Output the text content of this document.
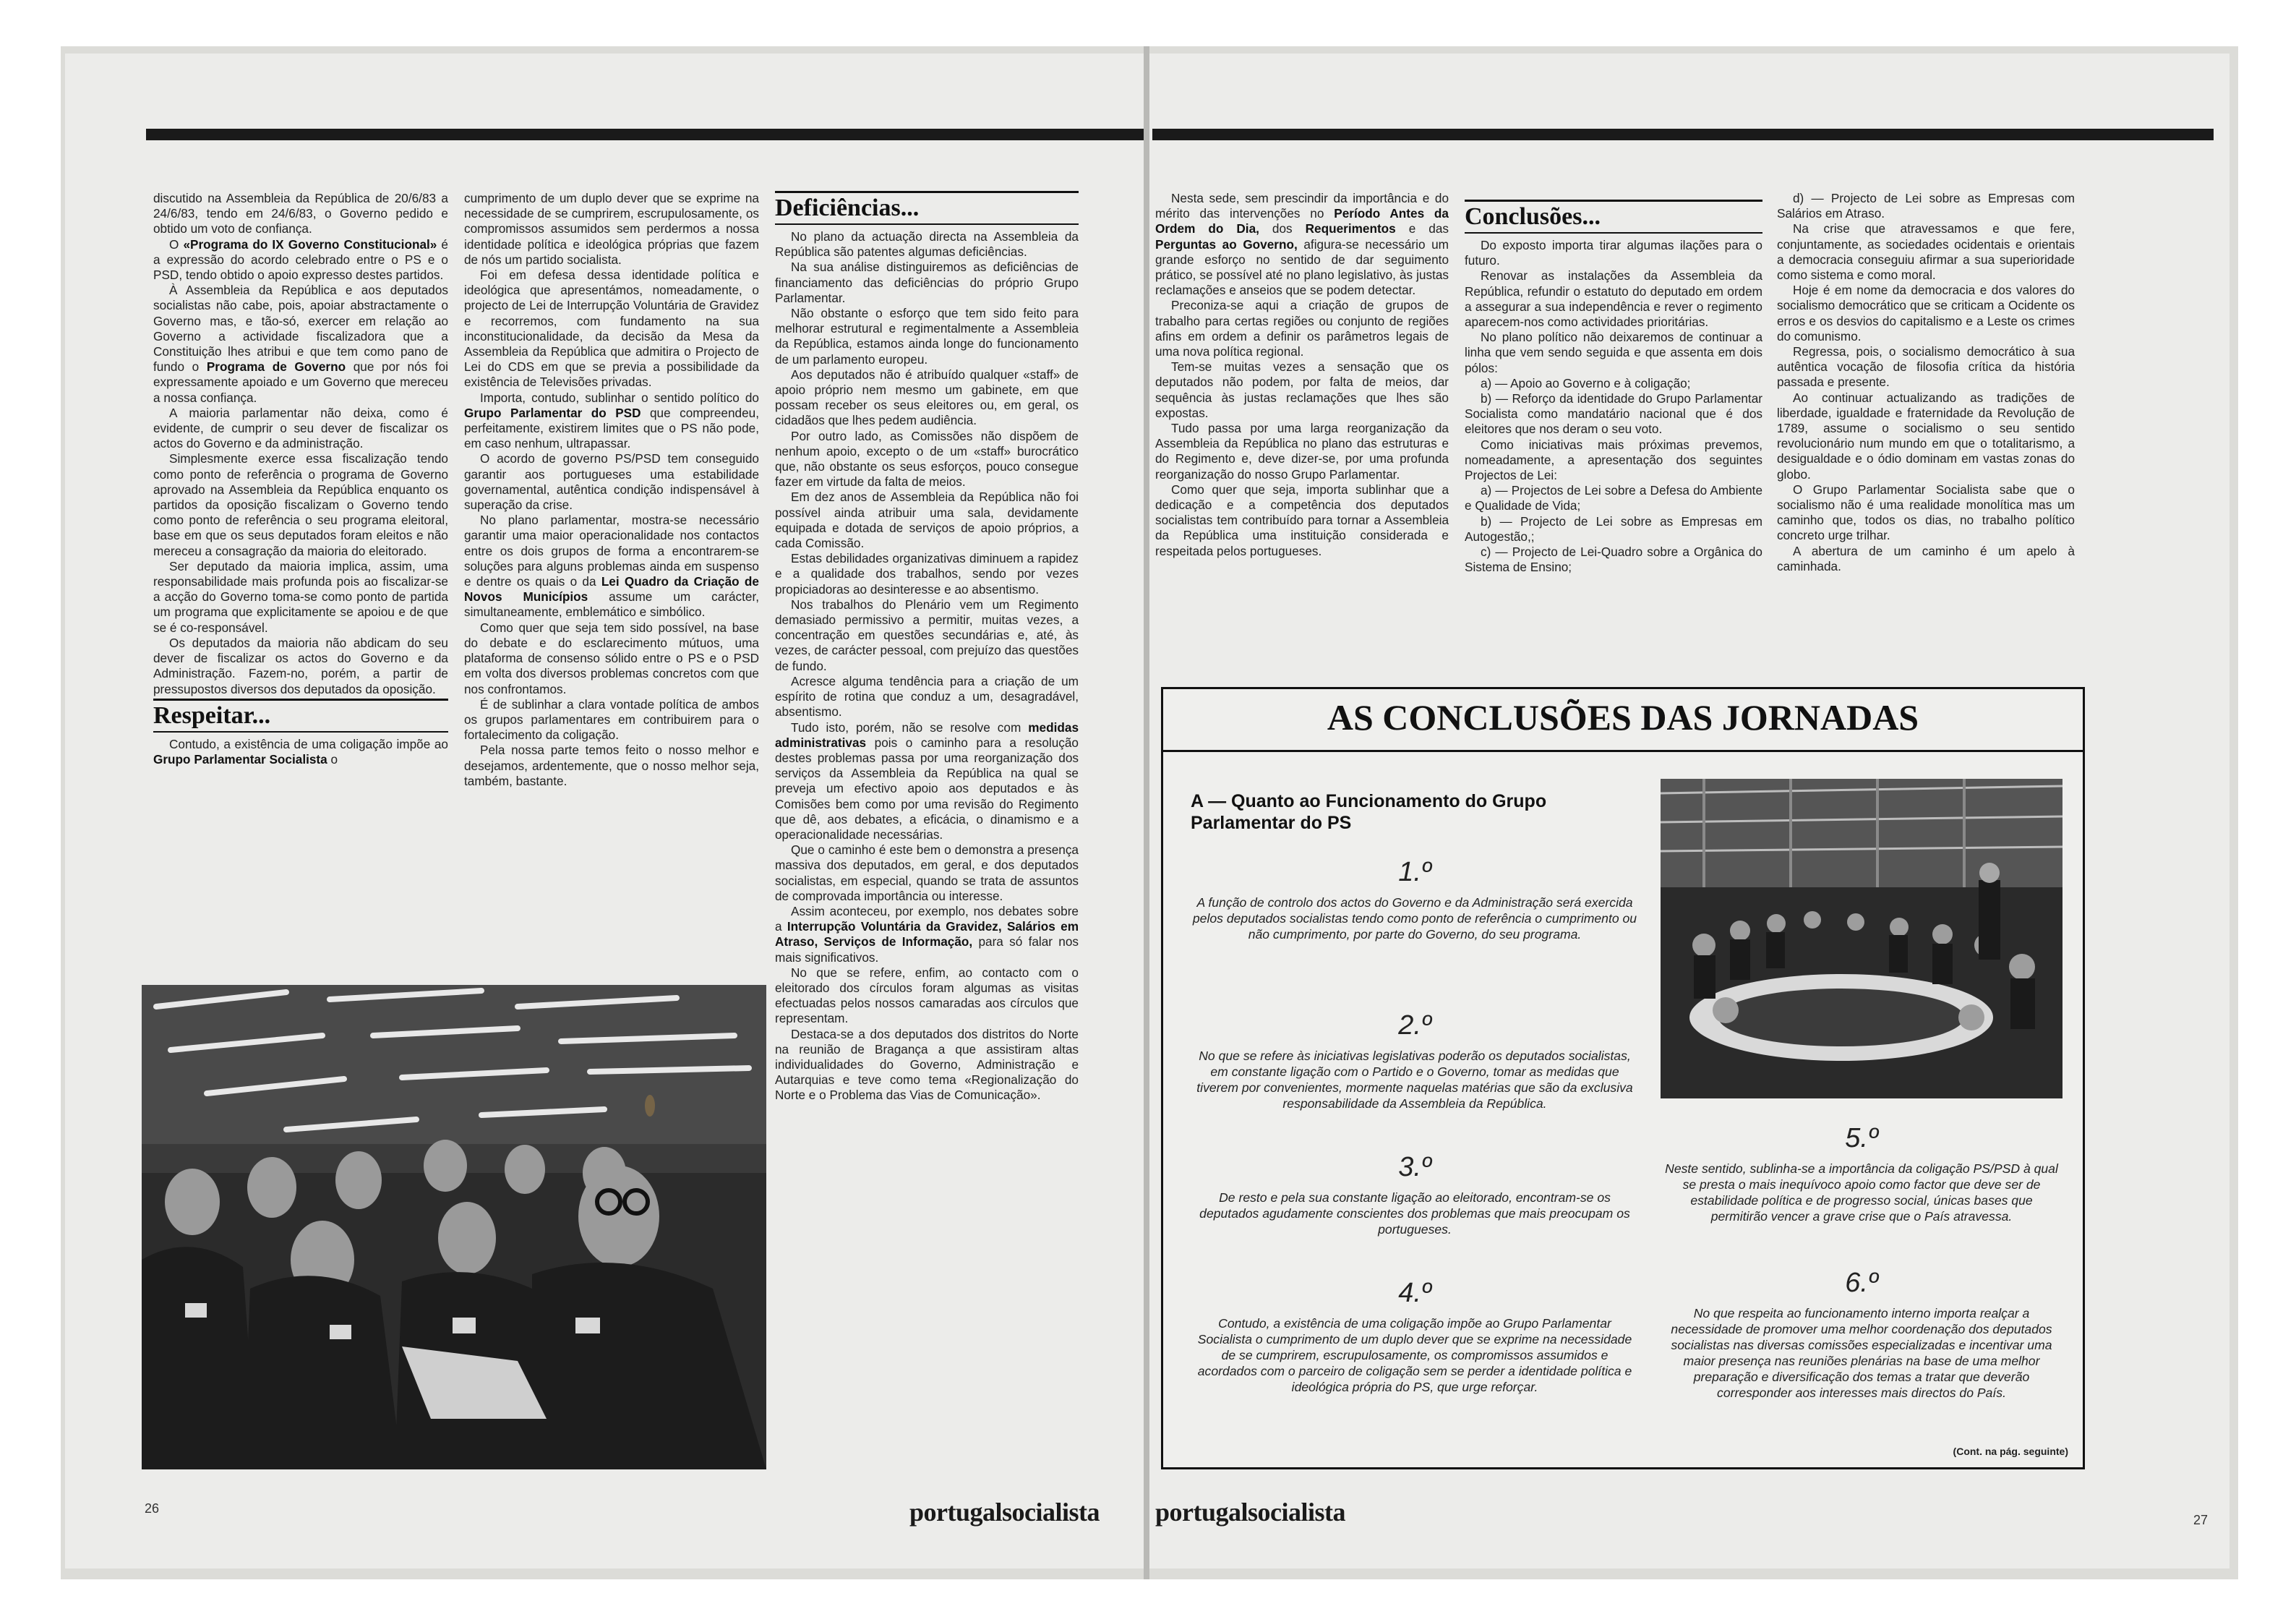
discutido na Assembleia da República de 20/6/83 a 24/6/83, tendo em 24/6/83, o Governo pedido e obtido um voto de confiança.

O «Programa do IX Governo Constitucional» é a expressão do acordo celebrado entre o PS e o PSD, tendo obtido o apoio expresso destes partidos.

À Assembleia da República e aos deputados socialistas não cabe, pois, apoiar abstractamente o Governo mas, e tão-só, exercer em relação ao Governo a actividade fiscalizadora que a Constituição lhes atribui e que tem como pano de fundo o Programa de Governo que por nós foi expressamente apoiado e um Governo que mereceu a nossa confiança.

A maioria parlamentar não deixa, como é evidente, de cumprir o seu dever de fiscalizar os actos do Governo e da administração.

Simplesmente exerce essa fiscalização tendo como ponto de referência o programa de Governo aprovado na Assembleia da República enquanto os partidos da oposição fiscalizam o Governo tendo como ponto de referência o seu programa eleitoral, base em que os seus deputados foram eleitos e não mereceu a consagração da maioria do eleitorado.

Ser deputado da maioria implica, assim, uma responsabilidade mais profunda pois ao fiscalizar-se a acção do Governo toma-se como ponto de partida um programa que explicitamente se apoiou e de que se é co-responsável.

Os deputados da maioria não abdicam do seu dever de fiscalizar os actos do Governo e da Administração. Fazem-no, porém, a partir de pressupostos diversos dos deputados da oposição.

Respeitar...

Contudo, a existência de uma coligação impõe ao Grupo Parlamentar Socialista o

cumprimento de um duplo dever que se exprime na necessidade de se cumprirem, escrupulosamente, os compromissos assumidos sem perdermos a nossa identidade política e ideológica próprias que fazem de nós um partido socialista.

Foi em defesa dessa identidade política e ideológica que apresentámos, nomeadamente, o projecto de Lei de Interrupção Voluntária de Gravidez e recorremos, com fundamento na sua inconstitucionalidade, da decisão da Mesa da Assembleia da República que admitira o Projecto de Lei do CDS em que se previa a possibilidade da existência de Televisões privadas.

Importa, contudo, sublinhar o sentido político do Grupo Parlamentar do PSD que compreendeu, perfeitamente, existirem limites que o PS não pode, em caso nenhum, ultrapassar.

O acordo de governo PS/PSD tem conseguido garantir aos portugueses uma estabilidade governamental, autêntica condição indispensável à superação da crise.

No plano parlamentar, mostra-se necessário garantir uma maior operacionalidade nos contactos entre os dois grupos de forma a encontrarem-se soluções para alguns problemas ainda em suspenso e dentre os quais o da Lei Quadro da Criação de Novos Municípios assume um carácter, simultaneamente, emblemático e simbólico.

Como quer que seja tem sido possível, na base do debate e do esclarecimento mútuos, uma plataforma de consenso sólido entre o PS e o PSD em volta dos diversos problemas concretos com que nos confrontamos.

É de sublinhar a clara vontade política de ambos os grupos parlamentares em contribuirem para o fortalecimento da coligação.

Pela nossa parte temos feito o nosso melhor e desejamos, ardentemente, que o nosso melhor seja, também, bastante.

Deficiências...

No plano da actuação directa na Assembleia da República são patentes algumas deficiências.

Na sua análise distinguiremos as deficiências de financiamento das deficiências do próprio Grupo Parlamentar.

Não obstante o esforço que tem sido feito para melhorar estrutural e regimentalmente a Assembleia da República, estamos ainda longe do funcionamento de um parlamento europeu.

Aos deputados não é atribuído qualquer «staff» de apoio próprio nem mesmo um gabinete, em que possam receber os seus eleitores ou, em geral, os cidadãos que lhes pedem audiência.

Por outro lado, as Comissões não dispõem de nenhum apoio, excepto o de um «staff» burocrático que, não obstante os seus esforços, pouco consegue fazer em virtude da falta de meios.

Em dez anos de Assembleia da República não foi possível ainda atribuir uma sala, devidamente equipada e dotada de serviços de apoio próprios, a cada Comissão.

Estas debilidades organizativas diminuem a rapidez e a qualidade dos trabalhos, sendo por vezes propiciadoras ao desinteresse e ao absentismo.

Nos trabalhos do Plenário vem um Regimento demasiado permissivo a permitir, muitas vezes, a concentração em questões secundárias e, até, às vezes, de carácter pessoal, com prejuízo das questões de fundo.

Acresce alguma tendência para a criação de um espírito de rotina que conduz a um, desagradável, absentismo.

Tudo isto, porém, não se resolve com medidas administrativas pois o caminho para a resolução destes problemas passa por uma reorganização dos serviços da Assembleia da República na qual se preveja um efectivo apoio aos deputados e às Comisões bem como por uma revisão do Regimento que dê, aos debates, a eficácia, o dinamismo e a operacionalidade necessárias.

Que o caminho é este bem o demonstra a presença massiva dos deputados, em geral, e dos deputados socialistas, em especial, quando se trata de assuntos de comprovada importância ou interesse.

Assim aconteceu, por exemplo, nos debates sobre a Interrupção Voluntária da Gravidez, Salários em Atraso, Serviços de Informação, para só falar nos mais significativos.

No que se refere, enfim, ao contacto com o eleitorado dos círculos foram algumas as visitas efectuadas pelos nossos camaradas aos círculos que representam.

Destaca-se a dos deputados dos distritos do Norte na reunião de Bragança a que assistiram altas individualidades do Governo, Administração e Autarquias e teve como tema «Regionalização do Norte e o Problema das Vias de Comunicação».

26	portugalsocialista

Nesta sede, sem prescindir da importância e do mérito das intervenções no Período Antes da Ordem do Dia, dos Requerimentos e das Perguntas ao Governo, afigura-se necessário um grande esforço no sentido de dar seguimento prático, se possível até no plano legislativo, às justas reclamações e anseios que se podem detectar.

Preconiza-se aqui a criação de grupos de trabalho para certas regiões ou conjunto de regiões afins em ordem a definir os parâmetros legais de uma nova política regional.

Tem-se muitas vezes a sensação que os deputados não podem, por falta de meios, dar sequência às justas reclamações que lhes são expostas.

Tudo passa por uma larga reorganização da Assembleia da República no plano das estruturas e do Regimento e, deve dizer-se, por uma profunda reorganização do nosso Grupo Parlamentar.

Como quer que seja, importa sublinhar que a dedicação e a competência dos deputados socialistas tem contribuído para tornar a Assembleia da República uma instituição considerada e respeitada pelos portugueses.

Conclusões...

Do exposto importa tirar algumas ilações para o futuro.

Renovar as instalações da Assembleia da República, refundir o estatuto do deputado em ordem a assegurar a sua independência e rever o regimento aparecem-nos como actividades prioritárias.

No plano político não deixaremos de continuar a linha que vem sendo seguida e que assenta em dois pólos:

a) — Apoio ao Governo e à coligação;

b) — Reforço da identidade do Grupo Parlamentar Socialista como mandatário nacional que é dos eleitores que nos deram o seu voto.

Como iniciativas mais próximas prevemos, nomeadamente, a apresentação dos seguintes Projectos de Lei:

a) — Projectos de Lei sobre a Defesa do Ambiente e Qualidade de Vida;

b) — Projecto de Lei sobre as Empresas em Autogestão,;

c) — Projecto de Lei-Quadro sobre a Orgânica do Sistema de Ensino;

d) — Projecto de Lei sobre as Empresas com Salários em Atraso.

Na crise que atravessamos e que fere, conjuntamente, as sociedades ocidentais e orientais a democracia conseguiu afirmar a sua superioridade como sistema e como moral.

Hoje é em nome da democracia e dos valores do socialismo democrático que se criticam a Ocidente os erros e os desvios do capitalismo e a Leste os crimes do comunismo.

Regressa, pois, o socialismo democrático à sua autêntica vocação de filosofia crítica da história passada e presente.

Ao continuar actualizando as tradições de liberdade, igualdade e fraternidade da Revolução de 1789, assume o socialismo o seu sentido revolucionário num mundo em que o totalitarismo, a desigualdade e o ódio dominam em vastas zonas do globo.

O Grupo Parlamentar Socialista sabe que o socialismo não é uma realidade monolítica mas um caminho que, todos os dias, no trabalho político concreto urge trilhar.

A abertura de um caminho é um apelo à caminhada.

AS CONCLUSÕES DAS JORNADAS
A — Quanto ao Funcionamento do Grupo Parlamentar do PS
1.º
A função de controlo dos actos do Governo e da Administração será exercida pelos deputados socialistas tendo como ponto de referência o cumprimento ou não cumprimento, por parte do Governo, do seu programa.
2.º
No que se refere às iniciativas legislativas poderão os deputados socialistas, em constante ligação com o Partido e o Governo, tomar as medidas que tiverem por convenientes, mormente naquelas matérias que são da exclusiva responsabilidade da Assembleia da República.
3.º
De resto e pela sua constante ligação ao eleitorado, encontram-se os deputados agudamente conscientes dos problemas que mais preocupam os portugueses.
4.º
Contudo, a existência de uma coligação impõe ao Grupo Parlamentar Socialista o cumprimento de um duplo dever que se exprime na necessidade de se cumprirem, escrupulosamente, os compromissos assumidos e acordados com o parceiro de coligação sem se perder a identidade política e ideológica própria do PS, que urge reforçar.
5.º
Neste sentido, sublinha-se a importância da coligação PS/PSD à qual se presta o mais inequívoco apoio como factor que deve ser de estabilidade política e de progresso social, únicas bases que permitirão vencer a grave crise que o País atravessa.
6.º
No que respeita ao funcionamento interno importa realçar a necessidade de promover uma melhor coordenação dos deputados socialistas nas diversas comissões especializadas e incentivar uma maior presença nas reuniões plenárias na base de uma melhor preparação e diversificação dos temas a tratar que deverão corresponder aos interesses mais directos do País.
(Cont. na pág. seguinte)
portugalsocialista	27
